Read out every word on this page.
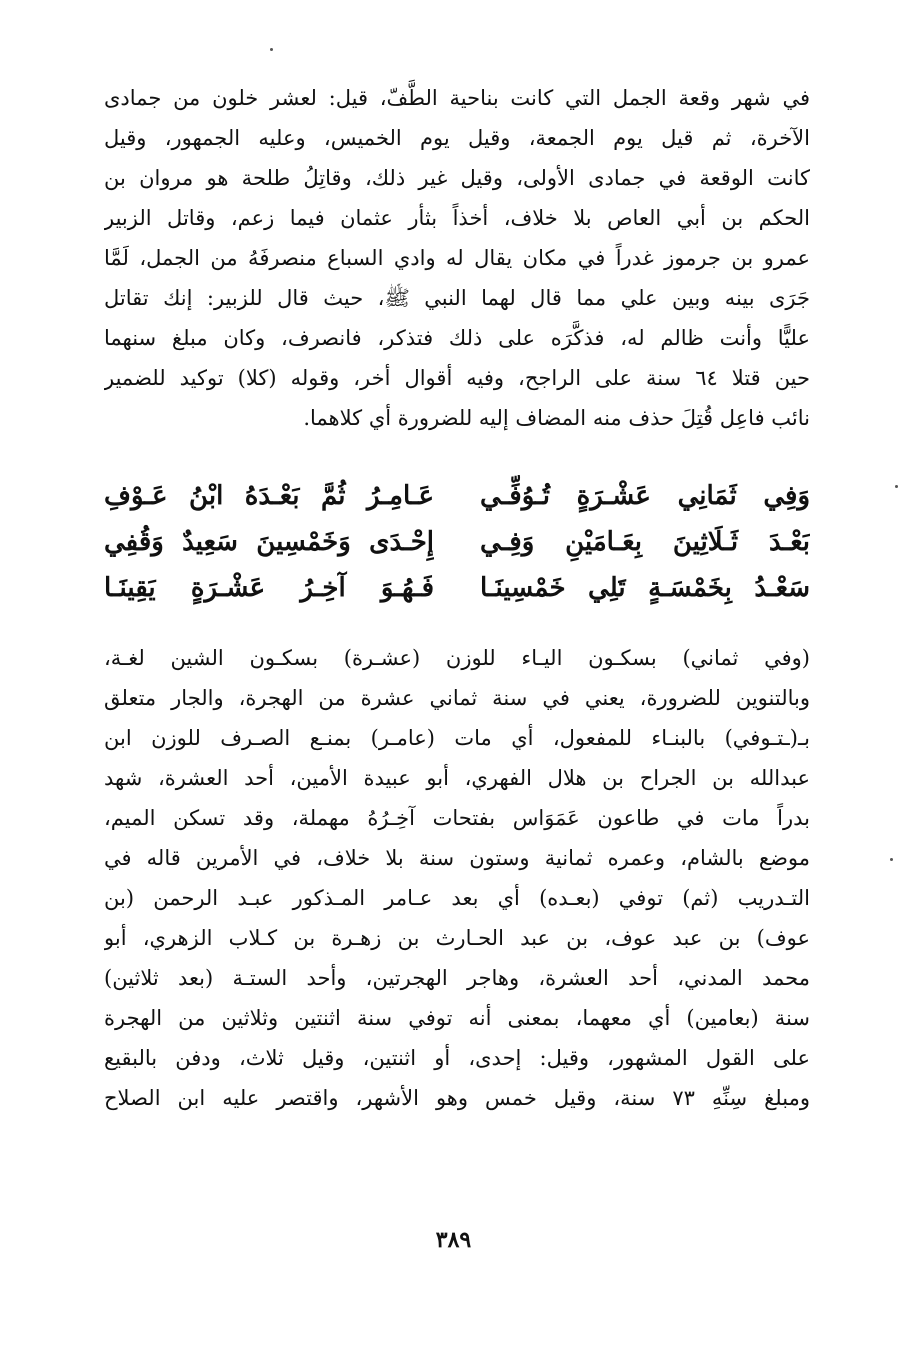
في شهر وقعة الجمل التي كانت بناحية الطَّفّ، قيل: لعشر خلون من جمادى
الآخرة، ثم قيل يوم الجمعة، وقيل يوم الخميس، وعليه الجمهور، وقيل
كانت الوقعة في جمادى الأولى، وقيل غير ذلك، وقاتِلُ طلحة هو مروان بن
الحكم بن أبي العاص بلا خلاف، أخذاً بثأر عثمان فيما زعم، وقاتل الزبير
عمرو بن جرموز غدراً في مكان يقال له وادي السباع منصرفَهُ من الجمل، لَمَّا
جَرَى بينه وبين علي مما قال لهما النبي ﷺ، حيث قال للزبير: إنك تقاتل
عليًّا وأنت ظالم له، فذكَّرَه على ذلك فتذكر، فانصرف، وكان مبلغ سنهما
حين قتلا ٦٤ سنة على الراجح، وفيه أقوال أخر، وقوله (كلا) توكيد للضمير
نائب فاعِل قُتِلَ حذف منه المضاف إليه للضرورة أي كلاهما.
وَفِي ثَمَانِي عَشْـرَةٍ تُـوُفِّـي
عَـامِـرُ ثُمَّ بَعْـدَهُ ابْنُ عَـوْفِ
بَعْـدَ ثَـلَاثِينَ بِعَـامَيْنِ وَفِـي
إِحْـدَى وَخَمْسِينَ سَعِيدٌ وَقُفِي
سَعْـدُ بِخَمْسَـةٍ تَلِي خَمْسِينَـا
فَـهُـوَ آخِـرُ عَشْـرَةٍ يَقِينَـا
(وفي ثماني) بسكـون اليـاء للوزن (عشـرة) بسكـون الشين لغـة،
وبالتنوين للضرورة، يعني في سنة ثماني عشرة من الهجرة، والجار متعلق
بـ(ـتـوفي) بالبنـاء للمفعول، أي مات (عامـر) بمنـع الصـرف للوزن ابن
عبدالله بن الجراح بن هلال الفهري، أبو عبيدة الأمين، أحد العشرة، شهد
بدراً مات في طاعون عَمَوَاس بفتحات آخِـرُهُ مهملة، وقد تسكن الميم،
موضع بالشام، وعمره ثمانية وستون سنة بلا خلاف، في الأمرين قاله في
التـدريب (ثم) توفي (بعـده) أي بعد عـامر المـذكور عبـد الرحمن (بن
عوف) بن عبد عوف، بن عبد الحـارث بن زهـرة بن كـلاب الزهري، أبو
محمد المدني، أحد العشرة، وهاجر الهجرتين، وأحد الستـة (بعد ثلاثين)
سنة (بعامين) أي معهما، بمعنى أنه توفي سنة اثنتين وثلاثين من الهجرة
على القول المشهور، وقيل: إحدى، أو اثنتين، وقيل ثلاث، ودفن بالبقيع
ومبلغ سِنِّهِ ٧٣ سنة، وقيل خمس وهو الأشهر، واقتصر عليه ابن الصلاح
٣٨٩
